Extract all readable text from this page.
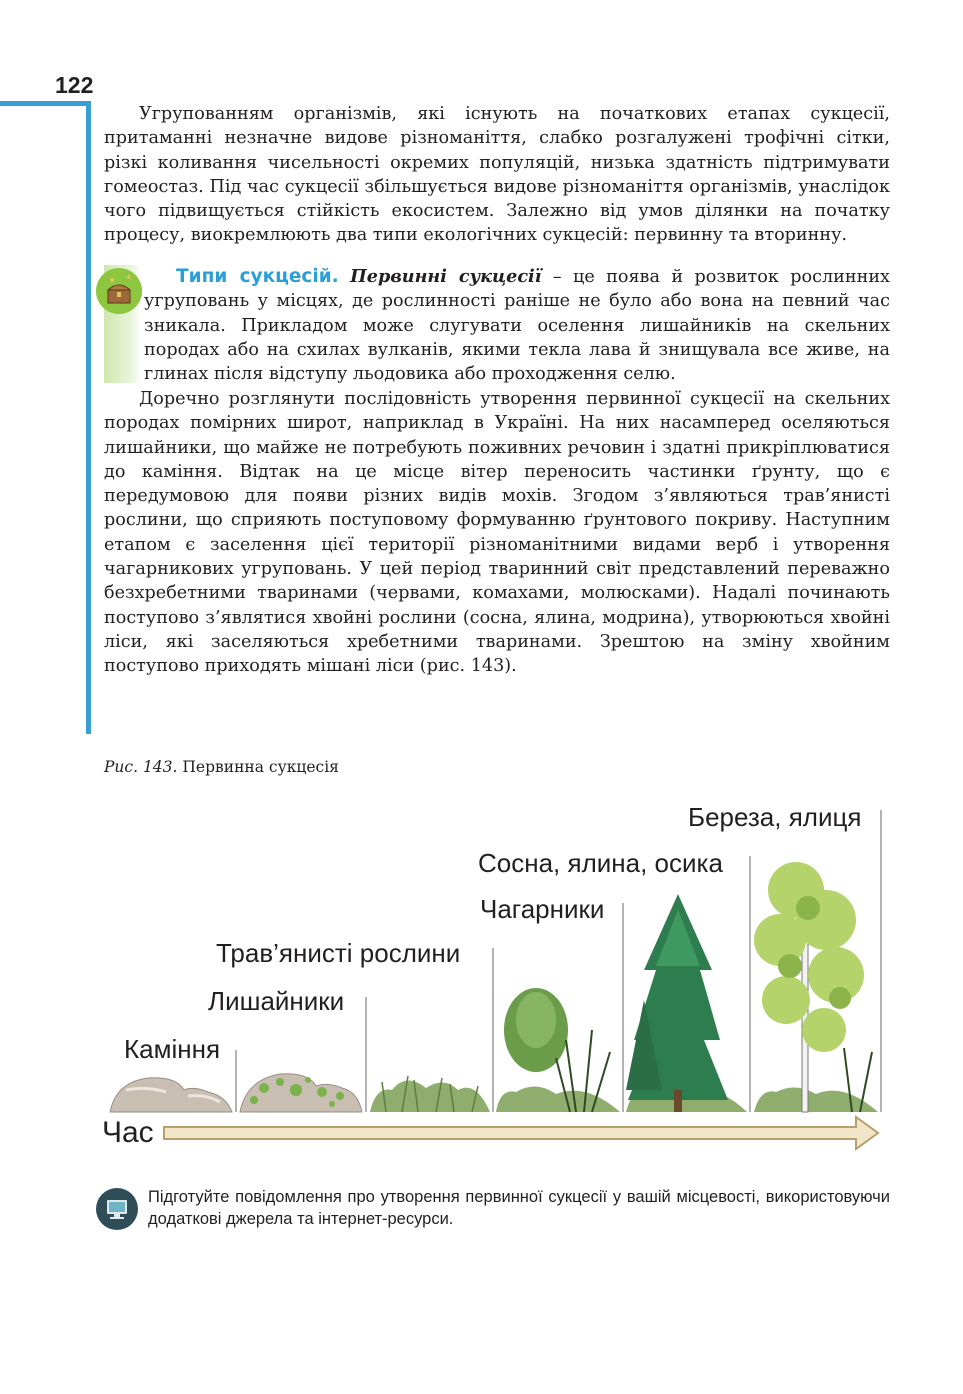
122

Угрупованням організмів, які існують на початкових етапах сукцесії, притаманні незначне видове різноманіття, слабко розгалужені трофічні сітки, різкі коливання чисельності окремих популяцій, низька здатність підтримувати гомеостаз. Під час сукцесії збільшується видове різноманіття організмів, унаслідок чого підвищується стійкість екосистем. Залежно від умов ділянки на початку процесу, виокремлюють два типи екологічних сукцесій: первинну та вторинну.

Типи сукцесій. Первинні сукцесії – це поява й розвиток рослинних угруповань у місцях, де рослинності раніше не було або вона на певний час зникала. Прикладом може слугувати оселення лишайників на скельних породах або на схилах вулканів, якими текла лава й знищувала все живе, на глинах після відступу льодовика або проходження селю.

Доречно розглянути послідовність утворення первинної сукцесії на скельних породах помірних широт, наприклад в Україні. На них насамперед оселяються лишайники, що майже не потребують поживних речовин і здатні прикріплюватися до каміння. Відтак на це місце вітер переносить частинки ґрунту, що є передумовою для появи різних видів мохів. Згодом з’являються трав’янисті рослини, що сприяють поступовому формуванню ґрунтового покриву. Наступним етапом є заселення цієї території різноманітними видами верб і утворення чагарникових угруповань. У цей період тваринний світ представлений переважно безхребетними тваринами (червами, комахами, молюсками). Надалі починають поступово з’являтися хвойні рослини (сосна, ялина, модрина), утворюються хвойні ліси, які заселяються хребетними тваринами. Зрештою на зміну хвойним поступово приходять мішані ліси (рис. 143).

Рис. 143. Первинна сукцесія
Каміння
Лишайники
Трав’янисті рослини
Чагарники
Сосна, ялина, осика
Береза, ялиця
Час
Підготуйте повідомлення про утворення первинної сукцесії у вашій місцевості, використовуючи додаткові джерела та інтернет-ресурси.
